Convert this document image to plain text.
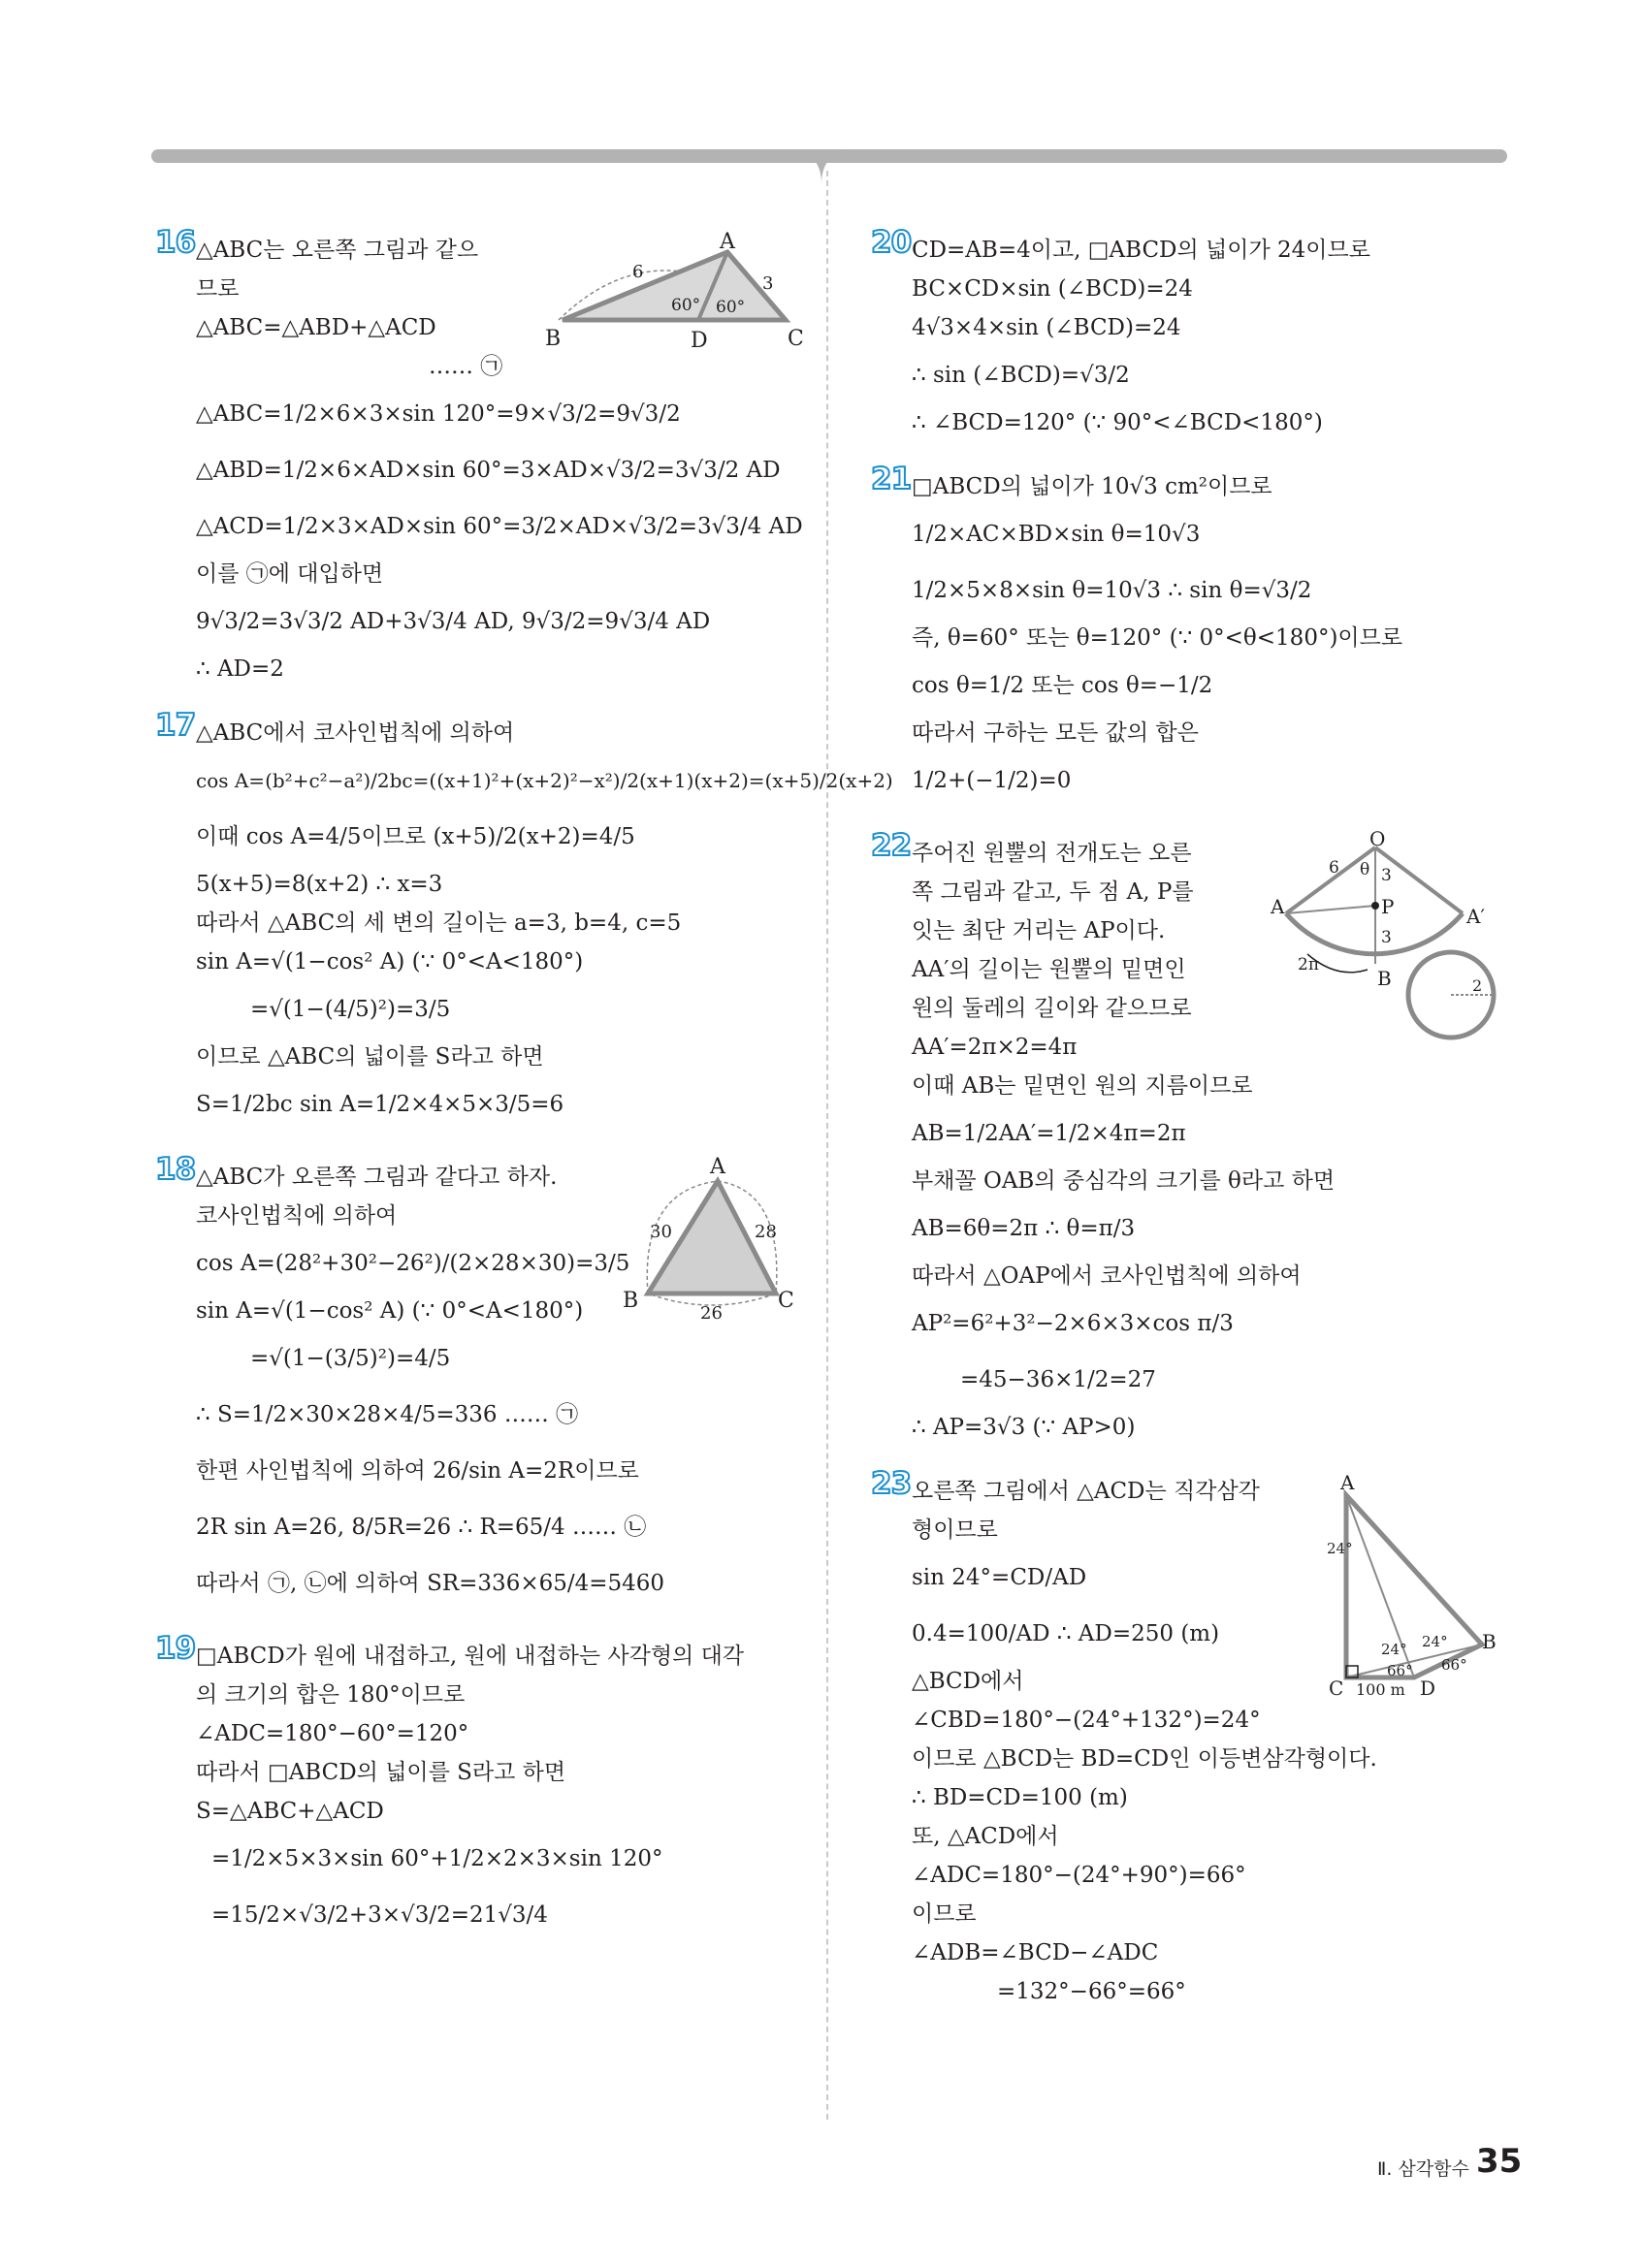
16 △ABC는 오른쪽 그림과 같으
므로
△ABC=△ABD+△ACD
…… ㉠
△ABC=1/2×6×3×sin 120°=9×√3/2=9√3/2
△ABD=1/2×6×AD×sin 60°=3×AD×√3/2=3√3/2 AD
△ACD=1/2×3×AD×sin 60°=3/2×AD×√3/2=3√3/4 AD
이를 ㉠에 대입하면
9√3/2=3√3/2 AD+3√3/4 AD, 9√3/2=9√3/4 AD
∴ AD=2
A
B	C
D
6
3
60° 60°
17 △ABC에서 코사인법칙에 의하여
cos A=(b²+c²−a²)/2bc=((x+1)²+(x+2)²−x²)/2(x+1)(x+2)=(x+5)/2(x+2)
이때 cos A=4/5이므로 (x+5)/2(x+2)=4/5
5(x+5)=8(x+2) ∴ x=3
따라서 △ABC의 세 변의 길이는 a=3, b=4, c=5
sin A=√(1−cos² A) (∵ 0°<A<180°)
=√(1−(4/5)²)=3/5
이므로 △ABC의 넓이를 S라고 하면
S=1/2bc sin A=1/2×4×5×3/5=6
18 △ABC가 오른쪽 그림과 같다고 하자.
코사인법칙에 의하여
cos A=(28²+30²−26²)/(2×28×30)=3/5
sin A=√(1−cos² A) (∵ 0°<A<180°)
=√(1−(3/5)²)=4/5
∴ S=1/2×30×28×4/5=336 …… ㉠
한편 사인법칙에 의하여 26/sin A=2R이므로
2R sin A=26, 8/5R=26 ∴ R=65/4 …… ㉡
따라서 ㉠, ㉡에 의하여 SR=336×65/4=5460
A
B	C
30	28
26
19 □ABCD가 원에 내접하고, 원에 내접하는 사각형의 대각
의 크기의 합은 180°이므로
∠ADC=180°−60°=120°
따라서 □ABCD의 넓이를 S라고 하면
S=△ABC+△ACD
=1/2×5×3×sin 60°+1/2×2×3×sin 120°
=15/2×√3/2+3×√3/2=21√3/4
20 CD=AB=4이고, □ABCD의 넓이가 24이므로
BC×CD×sin (∠BCD)=24
4√3×4×sin (∠BCD)=24
∴ sin (∠BCD)=√3/2
∴ ∠BCD=120° (∵ 90°<∠BCD<180°)
21 □ABCD의 넓이가 10√3 cm²이므로
1/2×AC×BD×sin θ=10√3
1/2×5×8×sin θ=10√3 ∴ sin θ=√3/2
즉, θ=60° 또는 θ=120° (∵ 0°<θ<180°)이므로
cos θ=1/2 또는 cos θ=−1/2
따라서 구하는 모든 값의 합은
1/2+(−1/2)=0
22 주어진 원뿔의 전개도는 오른
쪽 그림과 같고, 두 점 A, P를
잇는 최단 거리는 AP이다.
AA′의 길이는 원뿔의 밑면인
원의 둘레의 길이와 같으므로
AA′=2π×2=4π
이때 AB는 밑면인 원의 지름이므로
AB=1/2AA′=1/2×4π=2π
부채꼴 OAB의 중심각의 크기를 θ라고 하면
AB=6θ=2π ∴ θ=π/3
따라서 △OAP에서 코사인법칙에 의하여
AP²=6²+3²−2×6×3×cos π/3
=45−36×1/2=27
∴ AP=3√3 (∵ AP>0)
O
A	A′
P
B
6 θ 3
3
2π
2
23 오른쪽 그림에서 △ACD는 직각삼각
형이므로
sin 24°=CD/AD
0.4=100/AD ∴ AD=250 (m)
△BCD에서
∠CBD=180°−(24°+132°)=24°
이므로 △BCD는 BD=CD인 이등변삼각형이다.
∴ BD=CD=100 (m)
또, △ACD에서
∠ADC=180°−(24°+90°)=66°
이므로
∠ADB=∠BCD−∠ADC
=132°−66°=66°
A
B
C	D
24°
24° 24°
66° 66°
100 m
Ⅱ. 삼각함수 35
